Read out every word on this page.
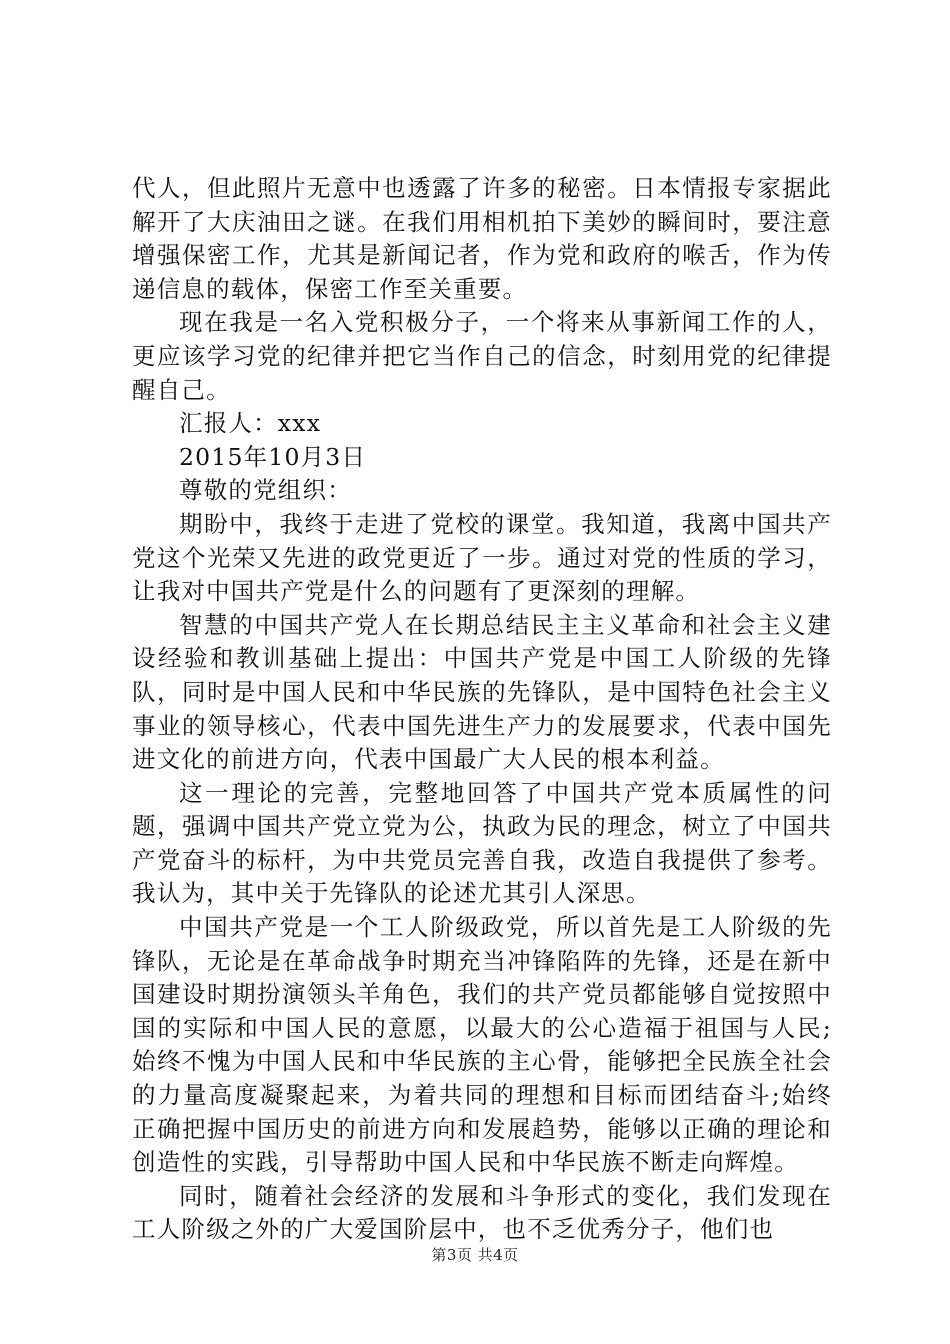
代人，但此照片无意中也透露了许多的秘密。日本情报专家据此解开了大庆油田之谜。在我们用相机拍下美妙的瞬间时，要注意增强保密工作，尤其是新闻记者，作为党和政府的喉舌，作为传递信息的载体，保密工作至关重要。

现在我是一名入党积极分子，一个将来从事新闻工作的人，更应该学习党的纪律并把它当作自己的信念，时刻用党的纪律提醒自己。

汇报人：xxx

2015年10月3日

尊敬的党组织：

期盼中，我终于走进了党校的课堂。我知道，我离中国共产党这个光荣又先进的政党更近了一步。通过对党的性质的学习，让我对中国共产党是什么的问题有了更深刻的理解。

智慧的中国共产党人在长期总结民主主义革命和社会主义建设经验和教训基础上提出：中国共产党是中国工人阶级的先锋队，同时是中国人民和中华民族的先锋队，是中国特色社会主义事业的领导核心，代表中国先进生产力的发展要求，代表中国先进文化的前进方向，代表中国最广大人民的根本利益。

这一理论的完善，完整地回答了中国共产党本质属性的问题，强调中国共产党立党为公，执政为民的理念，树立了中国共产党奋斗的标杆，为中共党员完善自我，改造自我提供了参考。我认为，其中关于先锋队的论述尤其引人深思。

中国共产党是一个工人阶级政党，所以首先是工人阶级的先锋队，无论是在革命战争时期充当冲锋陷阵的先锋，还是在新中国建设时期扮演领头羊角色，我们的共产党员都能够自觉按照中国的实际和中国人民的意愿，以最大的公心造福于祖国与人民;始终不愧为中国人民和中华民族的主心骨，能够把全民族全社会的力量高度凝聚起来，为着共同的理想和目标而团结奋斗;始终正确把握中国历史的前进方向和发展趋势，能够以正确的理论和创造性的实践，引导帮助中国人民和中华民族不断走向辉煌。

同时，随着社会经济的发展和斗争形式的变化，我们发现在工人阶级之外的广大爱国阶层中，也不乏优秀分子，他们也

第3页 共4页
